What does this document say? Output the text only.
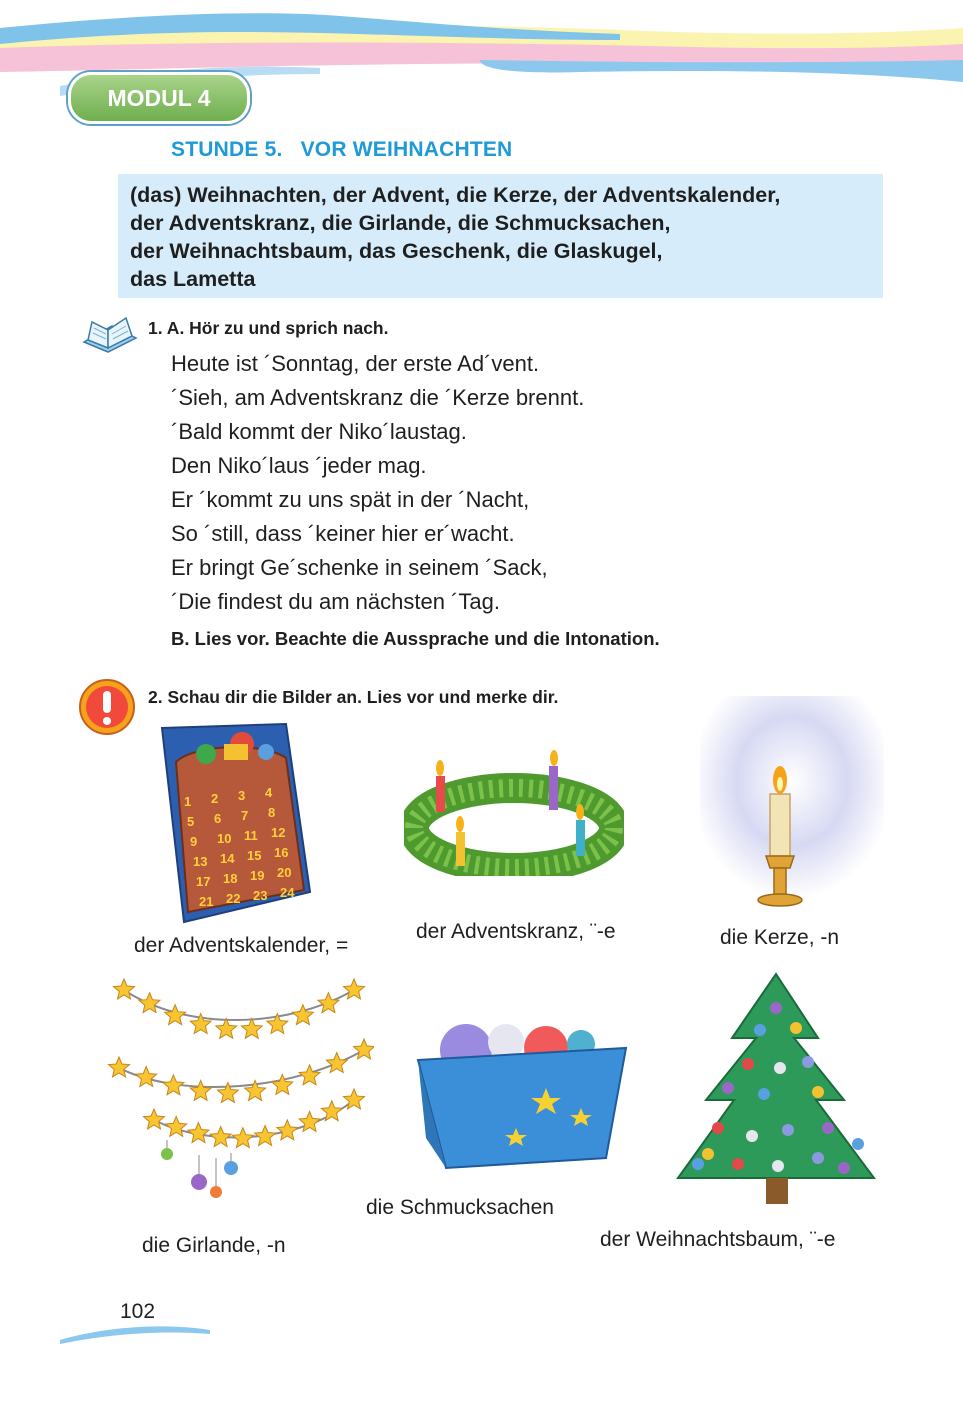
MODUL 4
STUNDE 5.   VOR WEIHNACHTEN
(das) Weihnachten, der Advent, die Kerze, der Adventskalender,
der Adventskranz, die Girlande, die Schmucksachen,
der Weihnachtsbaum, das Geschenk, die Glaskugel,
das Lametta
1. A. Hör zu und sprich nach.
Heute ist ´Sonntag, der erste Ad´vent.
´Sieh, am Adventskranz die ´Kerze brennt.
´Bald kommt der Niko´laustag.
Den Niko´laus ´jeder mag.
Er ´kommt zu uns spät in der ´Nacht,
So ´still, dass ´keiner hier er´wacht.
Er bringt Ge´schenke in seinem ´Sack,
´Die findest du am nächsten ´Tag.
B. Lies vor. Beachte die Aussprache und die Intonation.
2. Schau dir die Bilder an. Lies vor und merke dir.
1 2 3 4
5 6 7 8
9 10 11 12
13 14 15 16
17 18 19 20
21 22 23 24
der Adventskalender, =
der Adventskranz, ¨-e	die Kerze, -n
die Schmucksachen
die Girlande, -n	der Weihnachtsbaum, ¨-e
102
